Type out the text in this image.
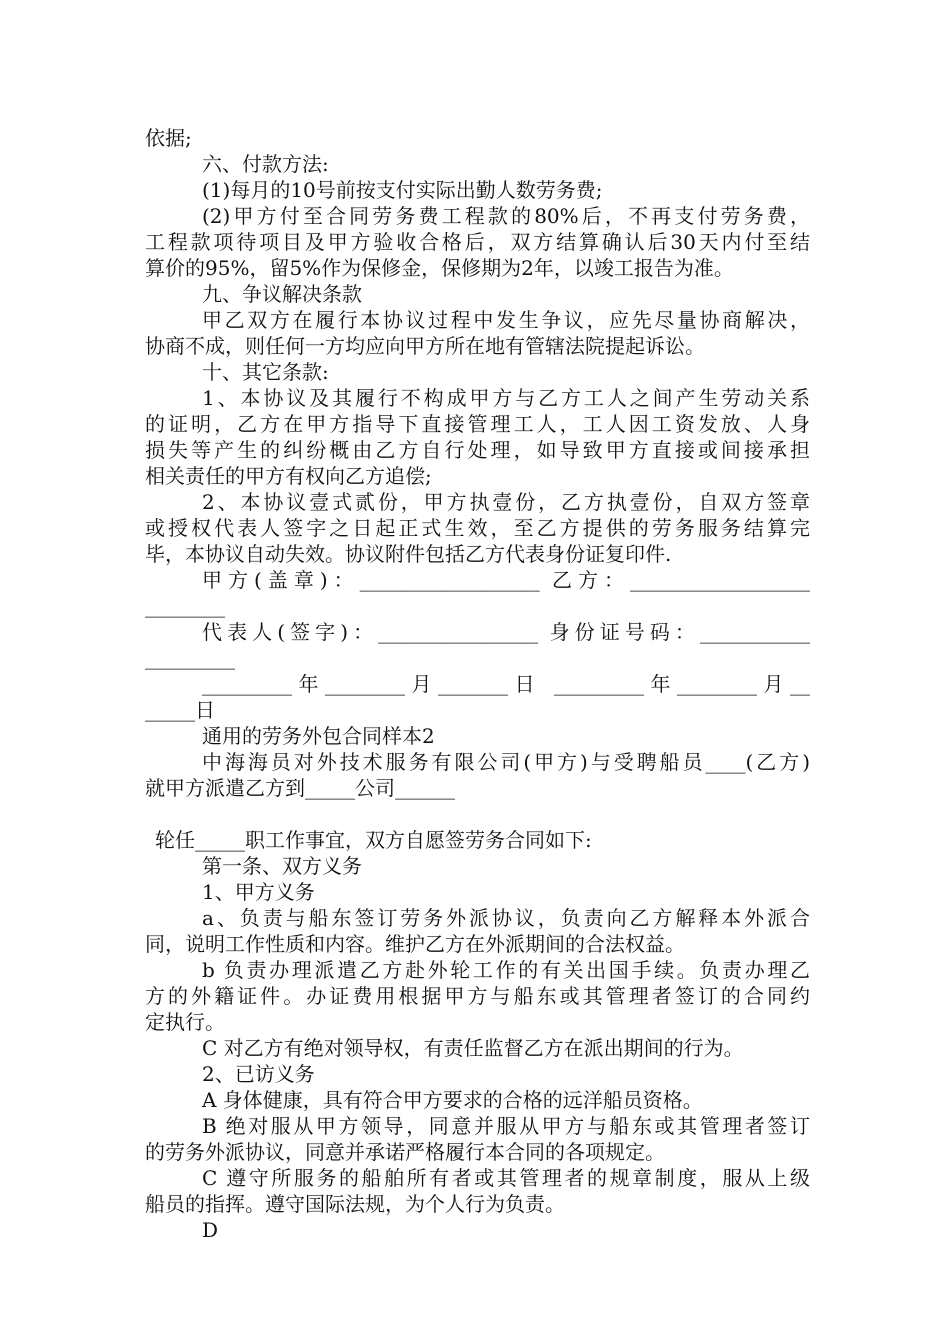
依据;
六、付款方法:
(1)每月的10号前按支付实际出勤人数劳务费;
(2)甲方付至合同劳务费工程款的80%后，不再支付劳务费，
工程款项待项目及甲方验收合格后，双方结算确认后30天内付至结
算价的95%，留5%作为保修金，保修期为2年，以竣工报告为准。
九、争议解决条款
甲乙双方在履行本协议过程中发生争议，应先尽量协商解决，
协商不成，则任何一方均应向甲方所在地有管辖法院提起诉讼。
十、其它条款:
1、本协议及其履行不构成甲方与乙方工人之间产生劳动关系
的证明，乙方在甲方指导下直接管理工人，工人因工资发放、人身
损失等产生的纠纷概由乙方自行处理，如导致甲方直接或间接承担
相关责任的甲方有权向乙方追偿;
2、本协议壹式贰份，甲方执壹份，乙方执壹份，自双方签章
或授权代表人签字之日起正式生效，至乙方提供的劳务服务结算完
毕，本协议自动失效。协议附件包括乙方代表身份证复印件.
甲方(盖章)：__________________ 乙方：__________________
________
代表人(签字)：________________ 身份证号码：___________
_________
_________年________月_______日 _________年________月__
_____日
通用的劳务外包合同样本2
中海海员对外技术服务有限公司(甲方)与受聘船员____(乙方)
就甲方派遣乙方到_____公司______
轮任_____职工作事宜，双方自愿签劳务合同如下:
第一条、双方义务
1、甲方义务
a、负责与船东签订劳务外派协议，负责向乙方解释本外派合
同，说明工作性质和内容。维护乙方在外派期间的合法权益。
b 负责办理派遣乙方赴外轮工作的有关出国手续。负责办理乙
方的外籍证件。办证费用根据甲方与船东或其管理者签订的合同约
定执行。
C 对乙方有绝对领导权，有责任监督乙方在派出期间的行为。
2、已访义务
A 身体健康，具有符合甲方要求的合格的远洋船员资格。
B 绝对服从甲方领导，同意并服从甲方与船东或其管理者签订
的劳务外派协议，同意并承诺严格履行本合同的各项规定。
C 遵守所服务的船舶所有者或其管理者的规章制度，服从上级
船员的指挥。遵守国际法规，为个人行为负责。
D
